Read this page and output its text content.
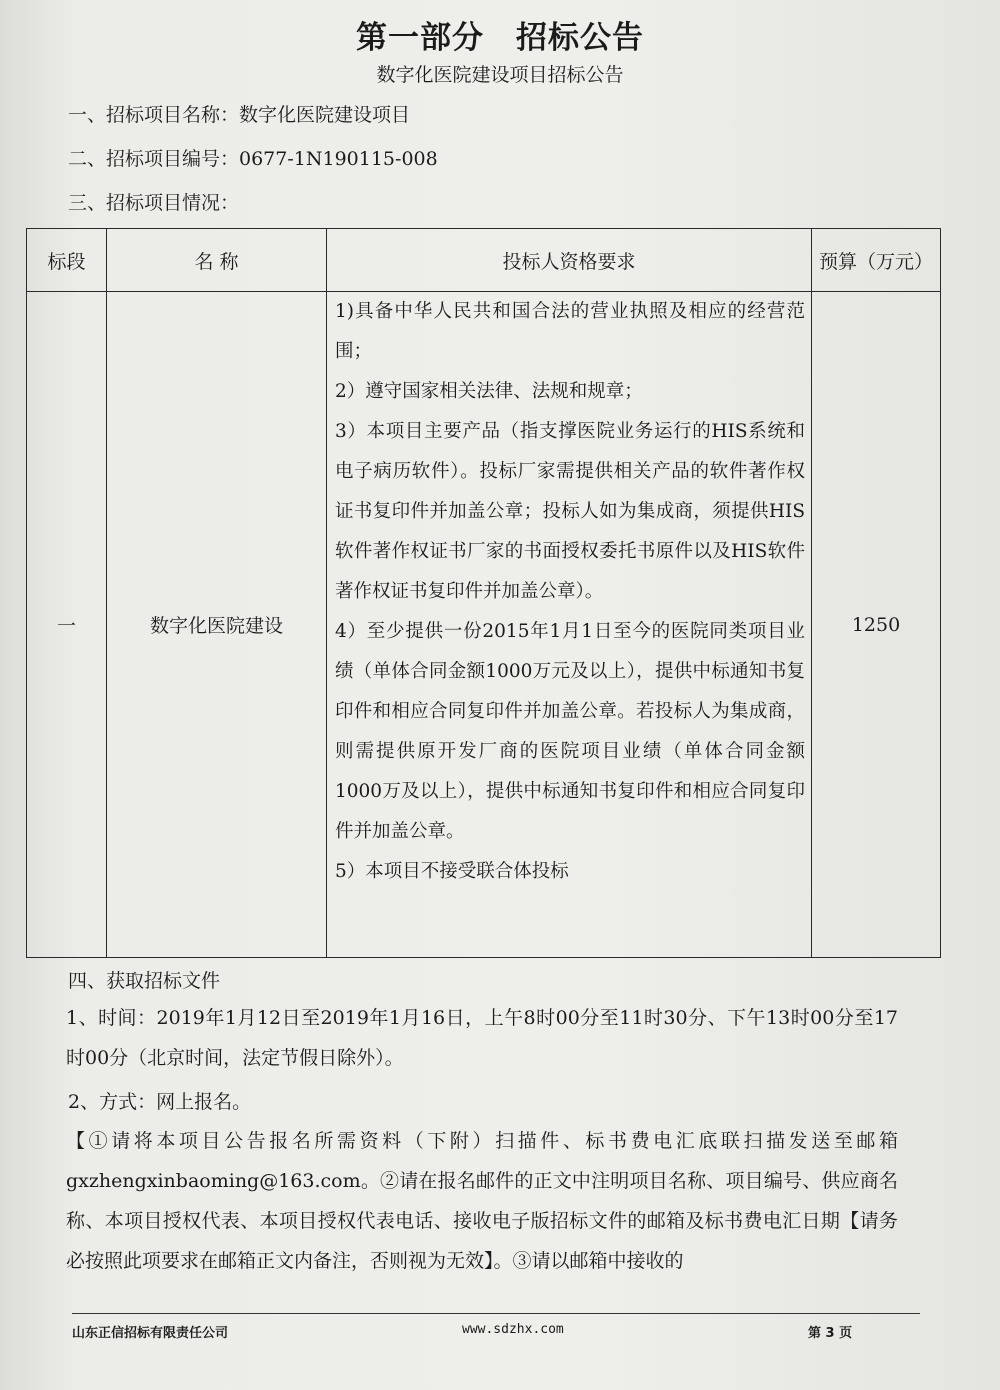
第一部分　招标公告
数字化医院建设项目招标公告
一、招标项目名称：数字化医院建设项目
二、招标项目编号：0677-1N190115-008
三、招标项目情况：
标段	名 称	投标人资格要求	预算（万元）
一	数字化医院建设	1)具备中华人民共和国合法的营业执照及相应的经营范围；

2）遵守国家相关法律、法规和规章；

3）本项目主要产品（指支撑医院业务运行的HIS系统和电子病历软件）。投标厂家需提供相关产品的软件著作权证书复印件并加盖公章；投标人如为集成商，须提供HIS软件著作权证书厂家的书面授权委托书原件以及HIS软件著作权证书复印件并加盖公章）。

4）至少提供一份2015年1月1日至今的医院同类项目业绩（单体合同金额1000万元及以上），提供中标通知书复印件和相应合同复印件并加盖公章。若投标人为集成商，则需提供原开发厂商的医院项目业绩（单体合同金额1000万及以上），提供中标通知书复印件和相应合同复印件并加盖公章。

5）本项目不接受联合体投标	1250
四、获取招标文件
1、时间：2019年1月12日至2019年1月16日，上午8时00分至11时30分、下午13时00分至17时00分（北京时间，法定节假日除外）。
2、方式：网上报名。
【①请将本项目公告报名所需资料（下附）扫描件、标书费电汇底联扫描发送至邮箱gxzhengxinbaoming@163.com。②请在报名邮件的正文中注明项目名称、项目编号、供应商名称、本项目授权代表、本项目授权代表电话、接收电子版招标文件的邮箱及标书费电汇日期【请务必按照此项要求在邮箱正文内备注，否则视为无效】。③请以邮箱中接收的
山东正信招标有限责任公司	www.sdzhx.com	第 3 页
